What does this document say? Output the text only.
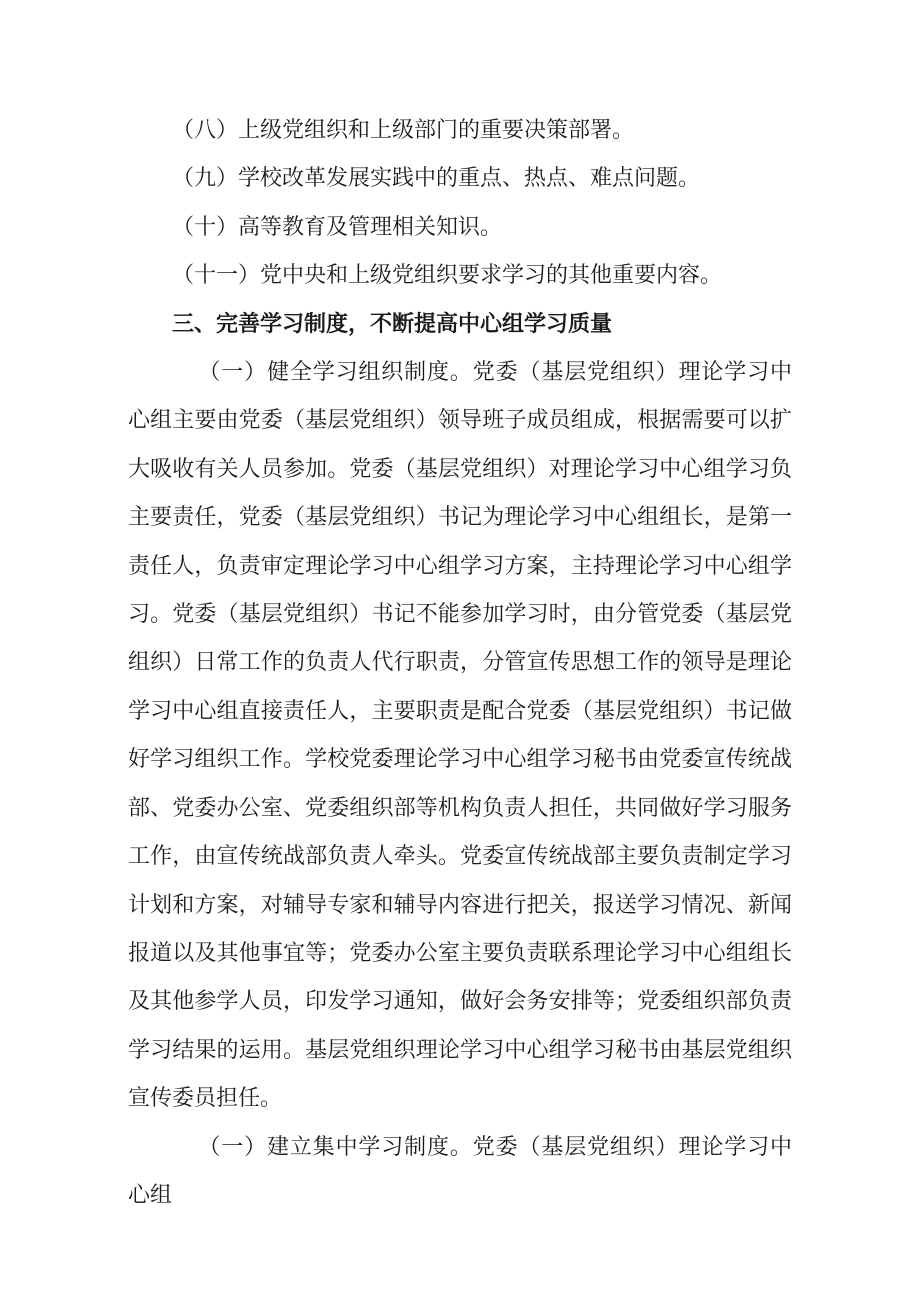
（八）上级党组织和上级部门的重要决策部署。

（九）学校改革发展实践中的重点、热点、难点问题。

（十）高等教育及管理相关知识。

（十一）党中央和上级党组织要求学习的其他重要内容。

三、完善学习制度，不断提高中心组学习质量

（一）健全学习组织制度。党委（基层党组织）理论学习中心组主要由党委（基层党组织）领导班子成员组成，根据需要可以扩大吸收有关人员参加。党委（基层党组织）对理论学习中心组学习负主要责任，党委（基层党组织）书记为理论学习中心组组长，是第一责任人，负责审定理论学习中心组学习方案，主持理论学习中心组学习。党委（基层党组织）书记不能参加学习时，由分管党委（基层党组织）日常工作的负责人代行职责，分管宣传思想工作的领导是理论学习中心组直接责任人，主要职责是配合党委（基层党组织）书记做好学习组织工作。学校党委理论学习中心组学习秘书由党委宣传统战部、党委办公室、党委组织部等机构负责人担任，共同做好学习服务工作，由宣传统战部负责人牵头。党委宣传统战部主要负责制定学习计划和方案，对辅导专家和辅导内容进行把关，报送学习情况、新闻报道以及其他事宜等；党委办公室主要负责联系理论学习中心组组长及其他参学人员，印发学习通知，做好会务安排等；党委组织部负责学习结果的运用。基层党组织理论学习中心组学习秘书由基层党组织宣传委员担任。

（一）建立集中学习制度。党委（基层党组织）理论学习中心组
